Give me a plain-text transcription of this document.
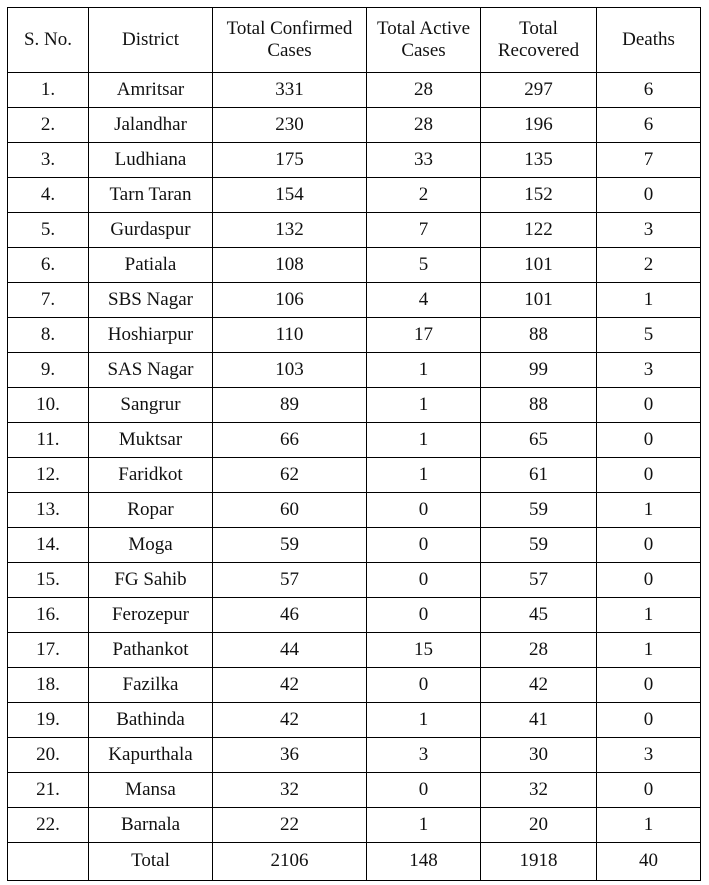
S. No.	District	Total Confirmed Cases	Total Active Cases	Total Recovered	Deaths
1.	Amritsar	331	28	297	6
2.	Jalandhar	230	28	196	6
3.	Ludhiana	175	33	135	7
4.	Tarn Taran	154	2	152	0
5.	Gurdaspur	132	7	122	3
6.	Patiala	108	5	101	2
7.	SBS Nagar	106	4	101	1
8.	Hoshiarpur	110	17	88	5
9.	SAS Nagar	103	1	99	3
10.	Sangrur	89	1	88	0
11.	Muktsar	66	1	65	0
12.	Faridkot	62	1	61	0
13.	Ropar	60	0	59	1
14.	Moga	59	0	59	0
15.	FG Sahib	57	0	57	0
16.	Ferozepur	46	0	45	1
17.	Pathankot	44	15	28	1
18.	Fazilka	42	0	42	0
19.	Bathinda	42	1	41	0
20.	Kapurthala	36	3	30	3
21.	Mansa	32	0	32	0
22.	Barnala	22	1	20	1
	Total	2106	148	1918	40
